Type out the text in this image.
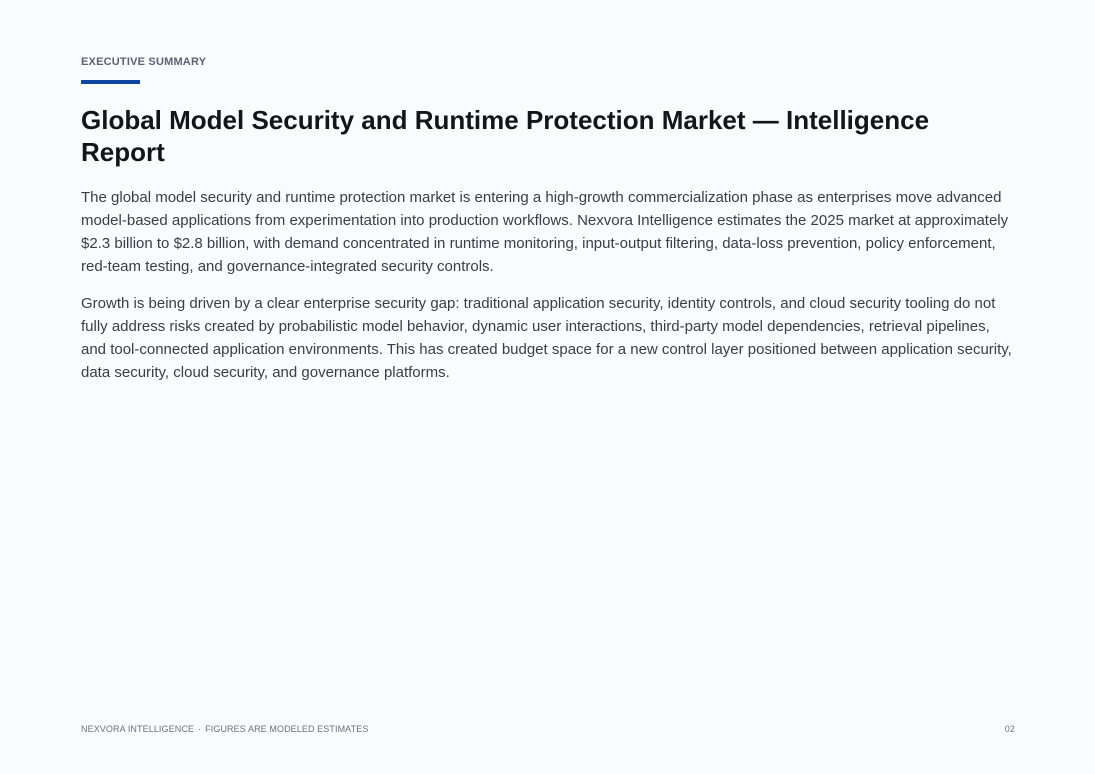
EXECUTIVE SUMMARY
Global Model Security and Runtime Protection Market — Intelligence Report

The global model security and runtime protection market is entering a high-growth commercialization phase as enterprises move advanced model-based applications from experimentation into production workflows. Nexvora Intelligence estimates the 2025 market at approximately $2.3 billion to $2.8 billion, with demand concentrated in runtime monitoring, input-output filtering, data-loss prevention, policy enforcement, red-team testing, and governance-integrated security controls.

Growth is being driven by a clear enterprise security gap: traditional application security, identity controls, and cloud security tooling do not fully address risks created by probabilistic model behavior, dynamic user interactions, third-party model dependencies, retrieval pipelines, and tool-connected application environments. This has created budget space for a new control layer positioned between application security, data security, cloud security, and governance platforms.

NEXVORA INTELLIGENCE · FIGURES ARE MODELED ESTIMATES	02
